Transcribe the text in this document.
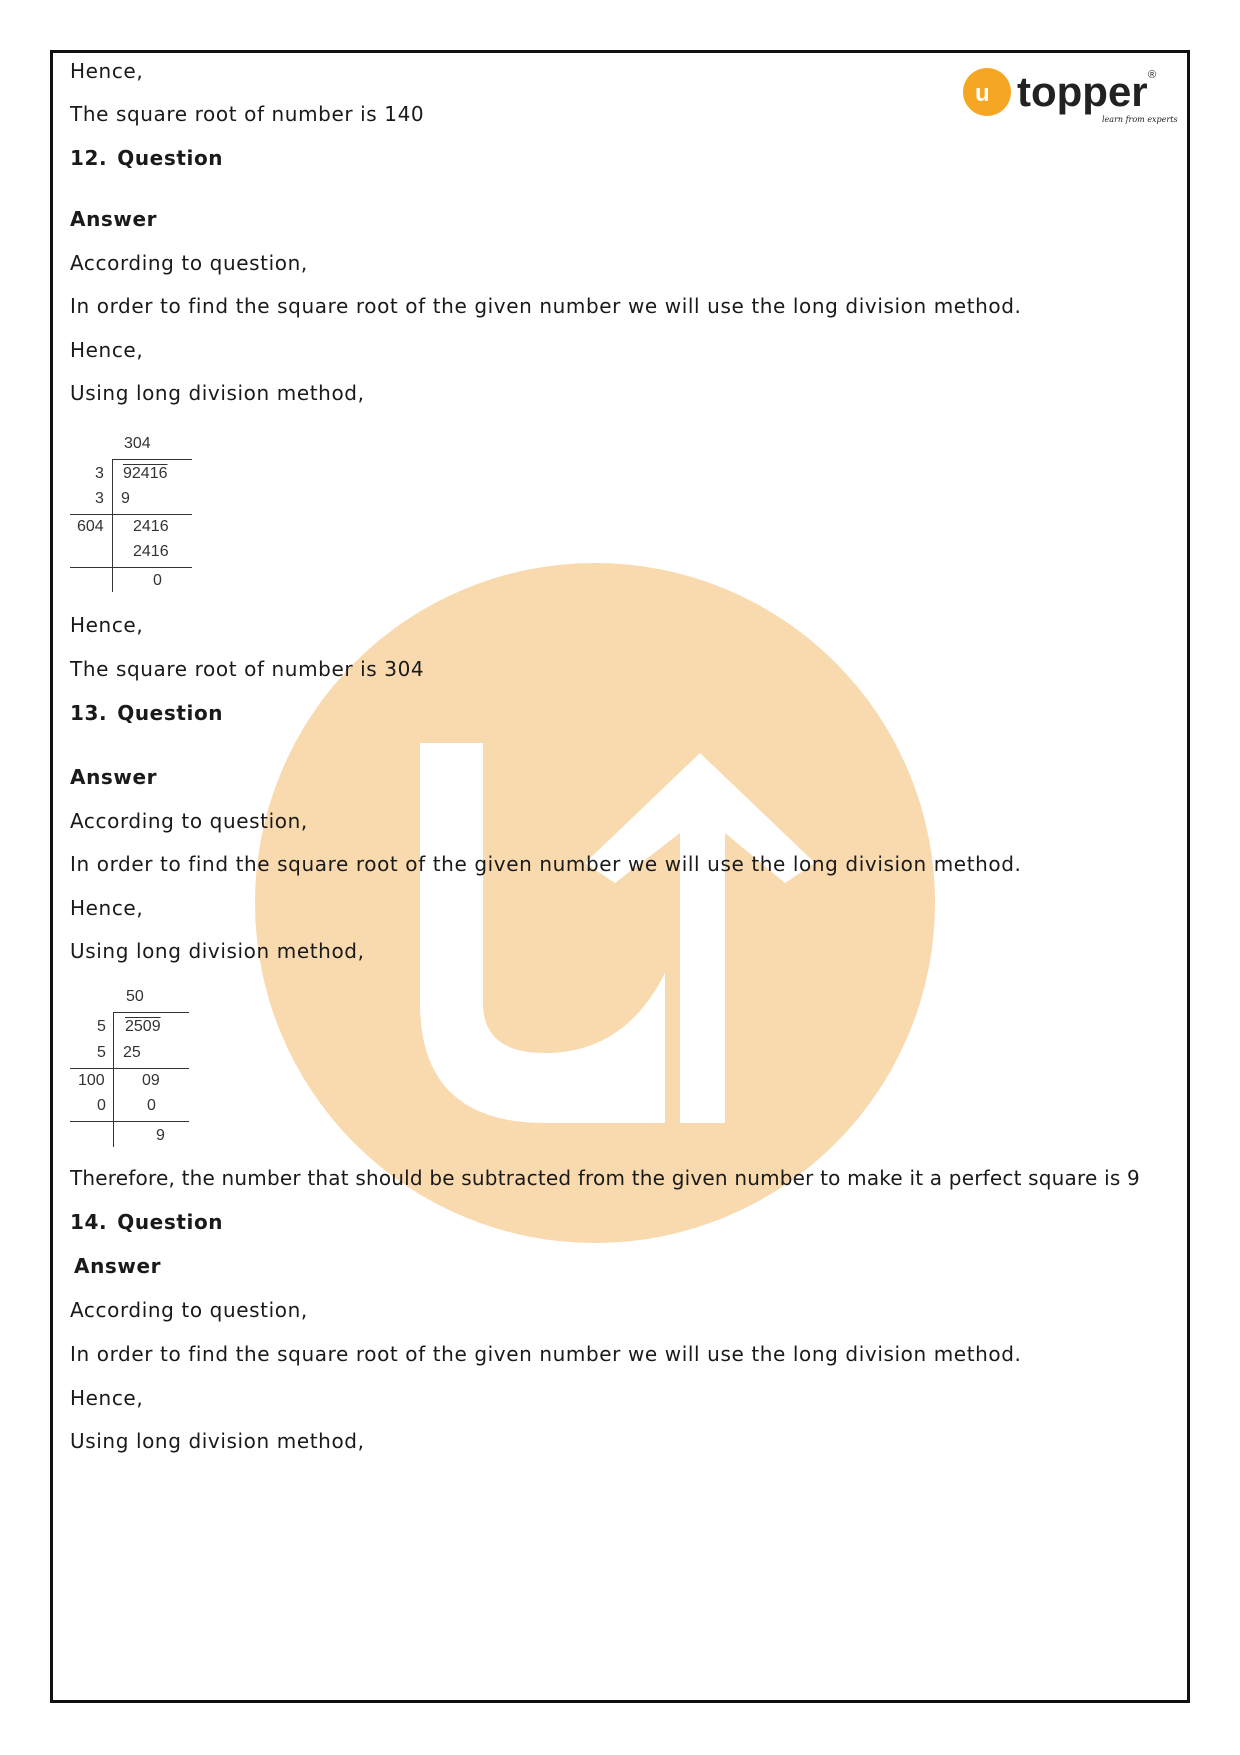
u topper ®
learn from experts
Hence,
The square root of number is 140
12. Question
Answer
According to question,
In order to find the square root of the given number we will use the long division method.
Hence,
Using long division method,
304
3 92416
3 9
604 2416
2416
0
Hence,
The square root of number is 304
13. Question
Answer
According to question,
In order to find the square root of the given number we will use the long division method.
Hence,
Using long division method,
50
5 2509
5 25
100 09
0	0
9
Therefore, the number that should be subtracted from the given number to make it a perfect square is 9
14. Question
Answer
According to question,
In order to find the square root of the given number we will use the long division method.
Hence,
Using long division method,
